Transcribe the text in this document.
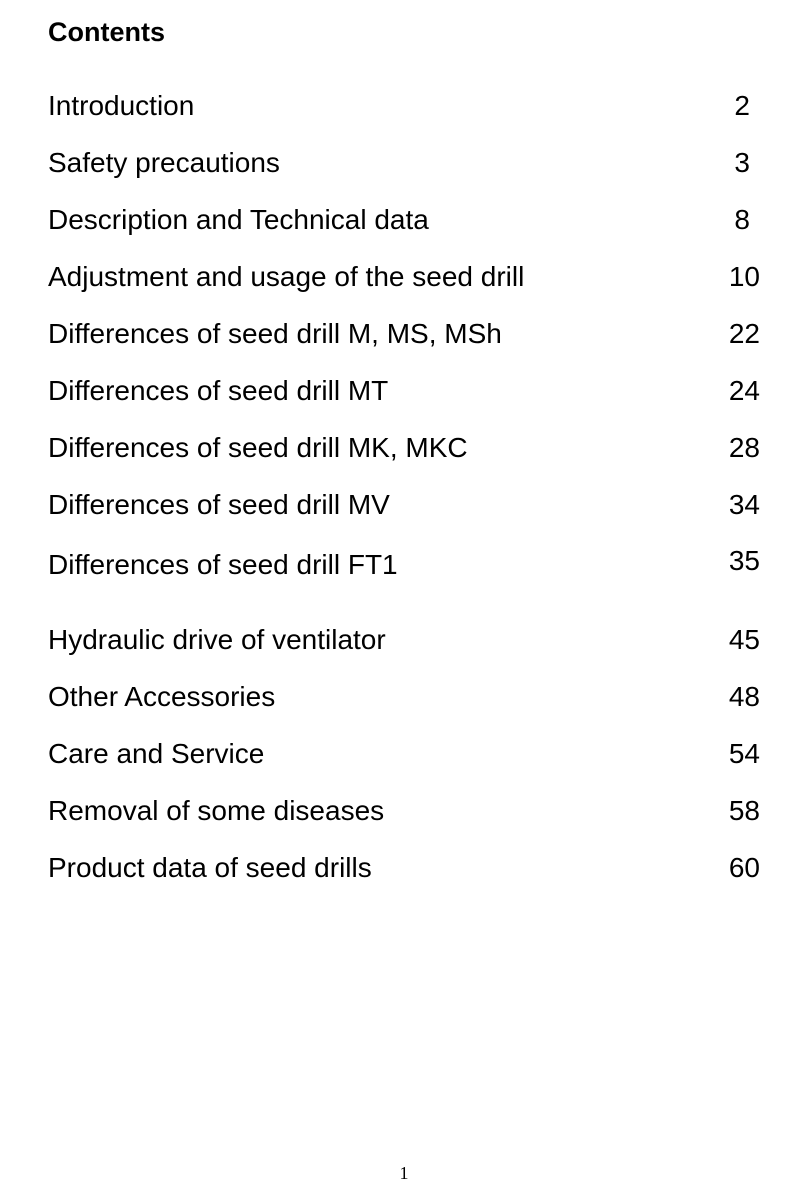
Contents
Introduction	2
Safety precautions	3
Description and Technical data	8
Adjustment and usage of the seed drill	10
Differences of seed drill M, MS, MSh	22
Differences of seed drill MT	24
Differences of seed drill MK, MKC	28
Differences of seed drill MV	34
Differences of seed drill FT1	35
Hydraulic drive of ventilator	45
Other Accessories	48
Care and Service	54
Removal of some diseases	58
Product data of seed drills	60
1
